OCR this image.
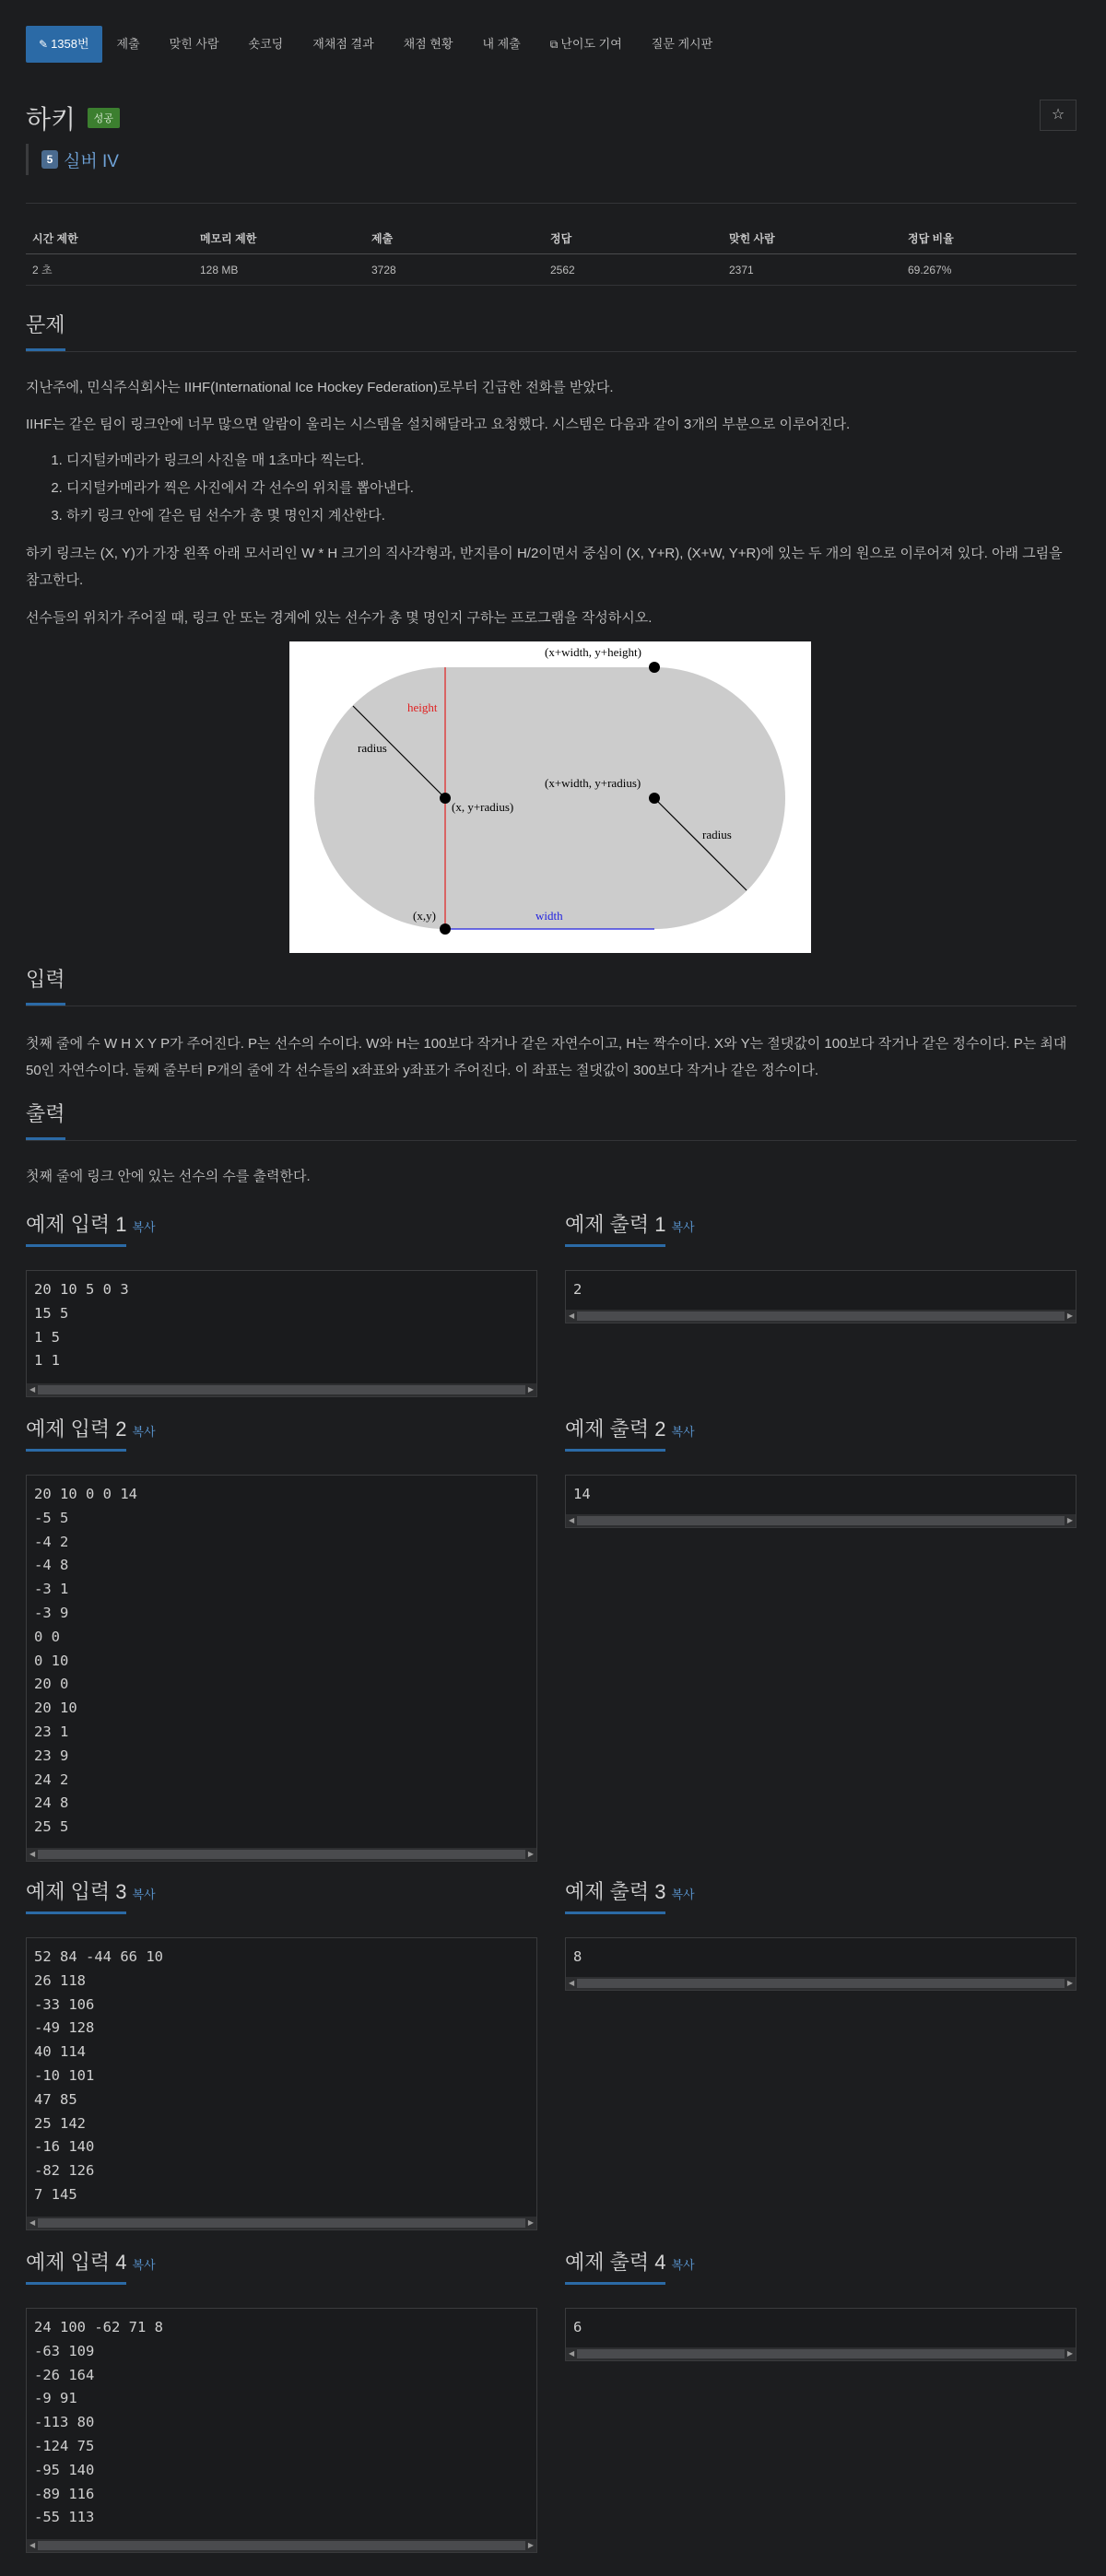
✎ 1358번	제출	맞힌 사람	숏코딩	재채점 결과	채점 현황	내 제출	⧉ 난이도 기여	질문 게시판
하키 성공	☆
5 실버 IV
시간 제한	메모리 제한	제출	정답	맞힌 사람	정답 비율
2 초	128 MB	3728	2562	2371	69.267%
문제
지난주에, 민식주식회사는 IIHF(International Ice Hockey Federation)로부터 긴급한 전화를 받았다.
IIHF는 같은 팀이 링크안에 너무 많으면 알람이 울리는 시스템을 설치해달라고 요청했다. 시스템은 다음과 같이 3개의 부분으로 이루어진다.
1. 디지털카메라가 링크의 사진을 매 1초마다 찍는다.
2. 디지털카메라가 찍은 사진에서 각 선수의 위치를 뽑아낸다.
3. 하키 링크 안에 같은 팀 선수가 총 몇 명인지 계산한다.
하키 링크는 (X, Y)가 가장 왼쪽 아래 모서리인 W * H 크기의 직사각형과, 반지름이 H/2이면서 중심이 (X, Y+R), (X+W, Y+R)에 있는 두 개의 원으로 이루어져 있다. 아래 그림을 참고한다.
선수들의 위치가 주어질 때, 링크 안 또는 경계에 있는 선수가 총 몇 명인지 구하는 프로그램을 작성하시오.
(x+width, y+height)
height
radius
(x, y+radius)
(x+width, y+radius)
radius
(x,y)	width
입력
첫째 줄에 수 W H X Y P가 주어진다. P는 선수의 수이다. W와 H는 100보다 작거나 같은 자연수이고, H는 짝수이다. X와 Y는 절댓값이 100보다 작거나 같은 정수이다. P는 최대 50인 자연수이다. 둘째 줄부터 P개의 줄에 각 선수들의 x좌표와 y좌표가 주어진다. 이 좌표는 절댓값이 300보다 작거나 같은 정수이다.
출력
첫째 줄에 링크 안에 있는 선수의 수를 출력한다.
예제 입력 1 복사	예제 출력 1 복사
20 10 5 0 3
15 5
1 5
1 1
◀	▶
2
◀	▶
예제 입력 2 복사	예제 출력 2 복사
20 10 0 0 14
-5 5
-4 2
-4 8
-3 1
-3 9
0 0
0 10
20 0
20 10
23 1
23 9
24 2
24 8
25 5
◀	▶
14
◀	▶
예제 입력 3 복사	예제 출력 3 복사
52 84 -44 66 10
26 118
-33 106
-49 128
40 114
-10 101
47 85
25 142
-16 140
-82 126
7 145
◀	▶
8
◀	▶
예제 입력 4 복사	예제 출력 4 복사
24 100 -62 71 8
-63 109
-26 164
-9 91
-113 80
-124 75
-95 140
-89 116
-55 113
◀	▶
6
◀	▶
